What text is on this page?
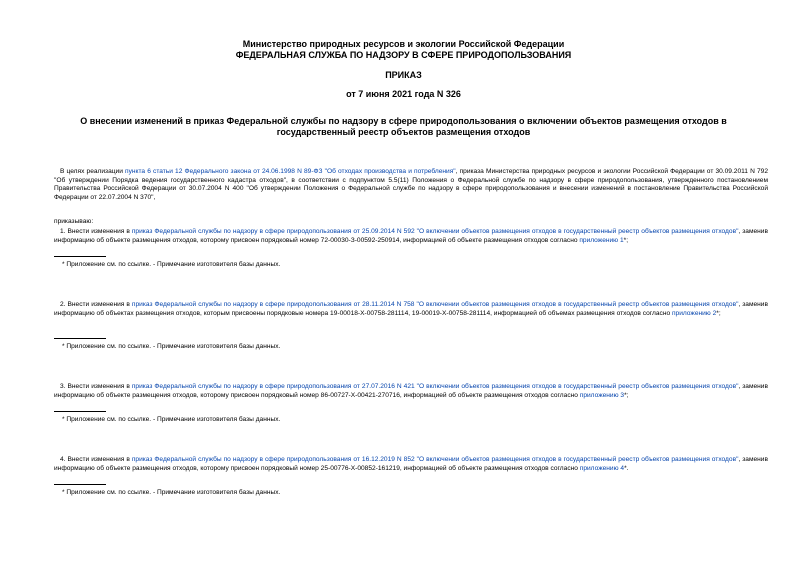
Министерство природных ресурсов и экологии Российской Федерации
ФЕДЕРАЛЬНАЯ СЛУЖБА ПО НАДЗОРУ В СФЕРЕ ПРИРОДОПОЛЬЗОВАНИЯ
ПРИКАЗ
от 7 июня 2021 года N 326
О внесении изменений в приказ Федеральной службы по надзору в сфере природопользования о включении объектов размещения отходов в государственный реестр объектов размещения отходов
В целях реализации пункта 6 статьи 12 Федерального закона от 24.06.1998 N 89-ФЗ "Об отходах производства и потребления", приказа Министерства природных ресурсов и экологии Российской Федерации от 30.09.2011 N 792 "Об утверждении Порядка ведения государственного кадастра отходов", в соответствии с подпунктом 5.5(11) Положения о Федеральной службе по надзору в сфере природопользования, утвержденного постановлением Правительства Российской Федерации от 30.07.2004 N 400 "Об утверждении Положения о Федеральной службе по надзору в сфере природопользования и внесении изменений в постановление Правительства Российской Федерации от 22.07.2004 N 370",
приказываю:
1. Внести изменения в приказ Федеральной службы по надзору в сфере природопользования от 25.09.2014 N 592 "О включении объектов размещения отходов в государственный реестр объектов размещения отходов", заменив информацию об объекте размещения отходов, которому присвоен порядковый номер 72-00030-З-00592-250914, информацией об объекте размещения отходов согласно приложению 1*;
* Приложение см. по ссылке. - Примечание изготовителя базы данных.
2. Внести изменения в приказ Федеральной службы по надзору в сфере природопользования от 28.11.2014 N 758 "О включении объектов размещения отходов в государственный реестр объектов размещения отходов", заменив информацию об объектах размещения отходов, которым присвоены порядковые номера 19-00018-Х-00758-281114, 19-00019-Х-00758-281114, информацией об объемах размещения отходов согласно приложению 2*;
* Приложение см. по ссылке. - Примечание изготовителя базы данных.
3. Внести изменения в приказ Федеральной службы по надзору в сфере природопользования от 27.07.2016 N 421 "О включении объектов размещения отходов в государственный реестр объектов размещения отходов", заменив информацию об объекте размещения отходов, которому присвоен порядковый номер 86-00727-Х-00421-270716, информацией об объекте размещения отходов согласно приложению 3*;
* Приложение см. по ссылке. - Примечание изготовителя базы данных.
4. Внести изменения в приказ Федеральной службы по надзору в сфере природопользования от 16.12.2019 N 852 "О включении объектов размещения отходов в государственный реестр объектов размещения отходов", заменив информацию об объекте размещения отходов, которому присвоен порядковый номер 25-00776-Х-00852-161219, информацией об объекте размещения отходов согласно приложению 4*.
* Приложение см. по ссылке. - Примечание изготовителя базы данных.
